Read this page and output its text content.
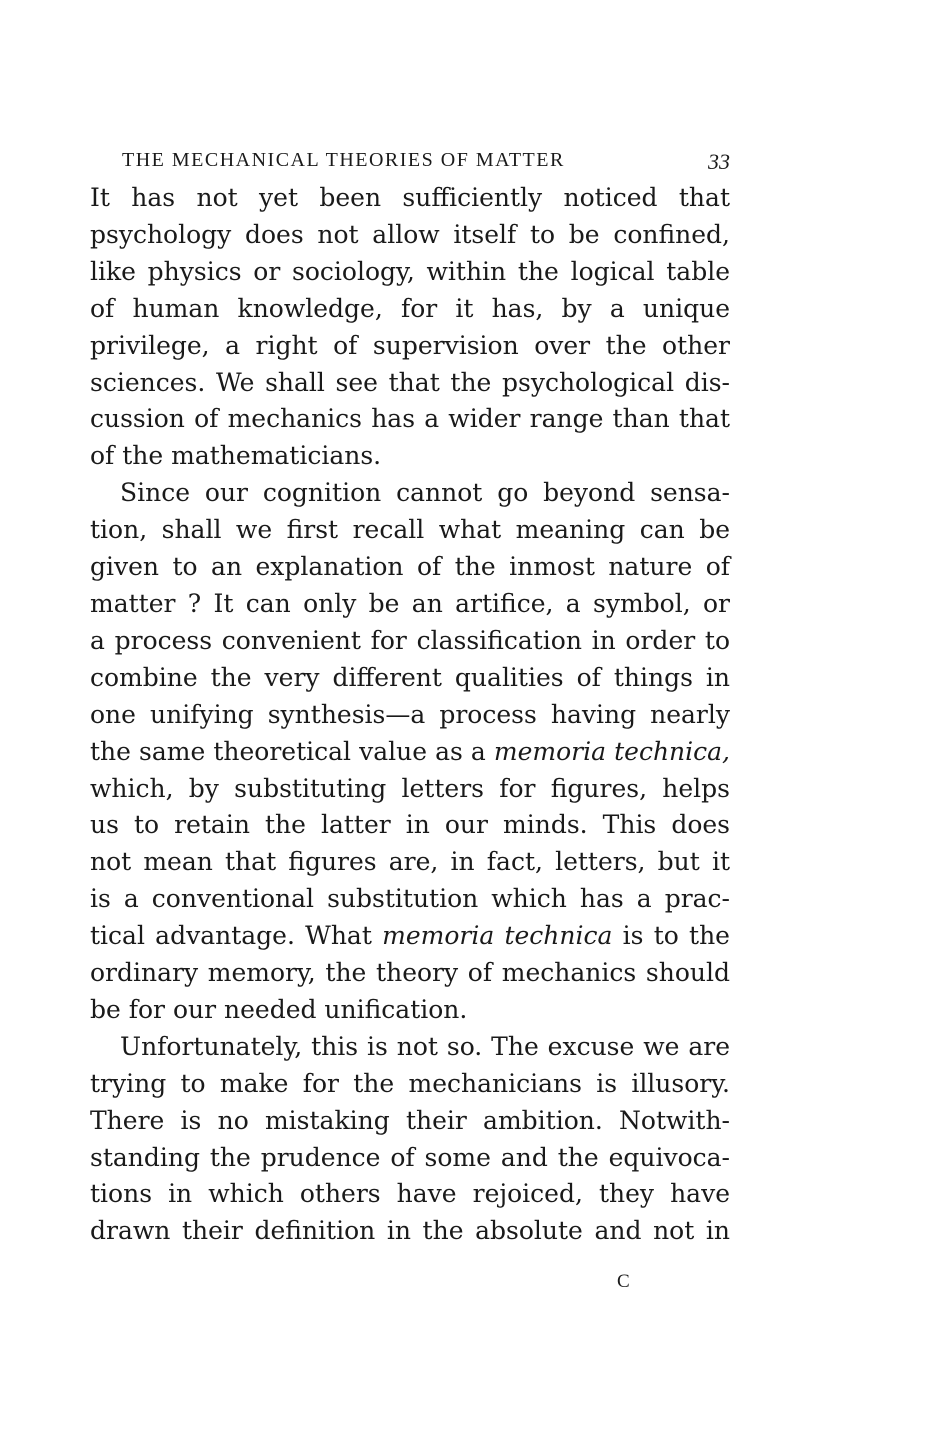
THE MECHANICAL THEORIES OF MATTER	33
It has not yet been sufficiently noticed that
psychology does not allow itself to be confined,
like physics or sociology, within the logical table
of human knowledge, for it has, by a unique
privilege, a right of supervision over the other
sciences. We shall see that the psychological dis-
cussion of mechanics has a wider range than that
of the mathematicians.
Since our cognition cannot go beyond sensa-
tion, shall we first recall what meaning can be
given to an explanation of the inmost nature of
matter ? It can only be an artifice, a symbol, or
a process convenient for classification in order to
combine the very different qualities of things in
one unifying synthesis—a process having nearly
the same theoretical value as a memoria technica,
which, by substituting letters for figures, helps
us to retain the latter in our minds. This does
not mean that figures are, in fact, letters, but it
is a conventional substitution which has a prac-
tical advantage. What memoria technica is to the
ordinary memory, the theory of mechanics should
be for our needed unification.
Unfortunately, this is not so. The excuse we are
trying to make for the mechanicians is illusory.
There is no mistaking their ambition. Notwith-
standing the prudence of some and the equivoca-
tions in which others have rejoiced, they have
drawn their definition in the absolute and not in
C
